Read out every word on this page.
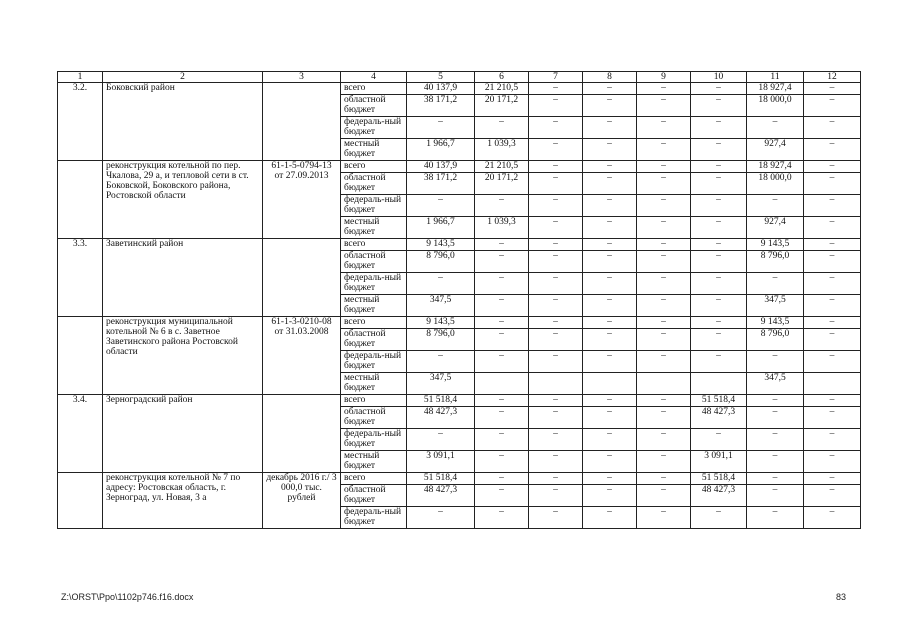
1	2	3	4	5	6	7	8	9	10	11	12
3.2.	Боковский район		всего	40 137,9	21 210,5	–	–	–	–	18 927,4	–
			областной бюджет	38 171,2	20 171,2	–	–	–	–	18 000,0	–
			федераль-ный бюджет	–	–	–	–	–	–	–	–
			местный бюджет	1 966,7	1 039,3	–	–	–	–	927,4	–
	реконструкция котельной по пер. Чкалова, 29 а, и тепловой сети в ст. Боковской, Боковского района, Ростовской области	61-1-5-0794-13 от 27.09.2013	всего	40 137,9	21 210,5	–	–	–	–	18 927,4	–
			областной бюджет	38 171,2	20 171,2	–	–	–	–	18 000,0	–
			федераль-ный бюджет	–	–	–	–	–	–	–	–
			местный бюджет	1 966,7	1 039,3	–	–	–	–	927,4	–
3.3.	Заветинский район		всего	9 143,5	–	–	–	–	–	9 143,5	–
			областной бюджет	8 796,0	–	–	–	–	–	8 796,0	–
			федераль-ный бюджет	–	–	–	–	–	–	–	–
			местный бюджет	347,5	–	–	–	–	–	347,5	–
	реконструкция муниципальной котельной № 6 в с. Заветное Заветинского района Ростовской области	61-1-3-0210-08 от 31.03.2008	всего	9 143,5	–	–	–	–	–	9 143,5	–
			областной бюджет	8 796,0	–	–	–	–	–	8 796,0	–
			федераль-ный бюджет	–	–	–	–	–	–	–	–
			местный бюджет	347,5						347,5	
3.4.	Зерноградский район		всего	51 518,4	–	–	–	–	51 518,4	–	–
			областной бюджет	48 427,3	–	–	–	–	48 427,3	–	–
			федераль-ный бюджет	–	–	–	–	–	–	–	–
			местный бюджет	3 091,1	–	–	–	–	3 091,1	–	–
	реконструкция котельной № 7 по адресу: Ростовская область, г. Зерноград, ул. Новая, 3 а	декабрь 2016 г./ 3 000,0 тыс. рублей	всего	51 518,4	–	–	–	–	51 518,4	–	–
			областной бюджет	48 427,3	–	–	–	–	48 427,3	–	–
			федераль-ный бюджет	–	–	–	–	–	–	–	–
Z:\ORST\Ppo\1102p746.f16.docx	83
